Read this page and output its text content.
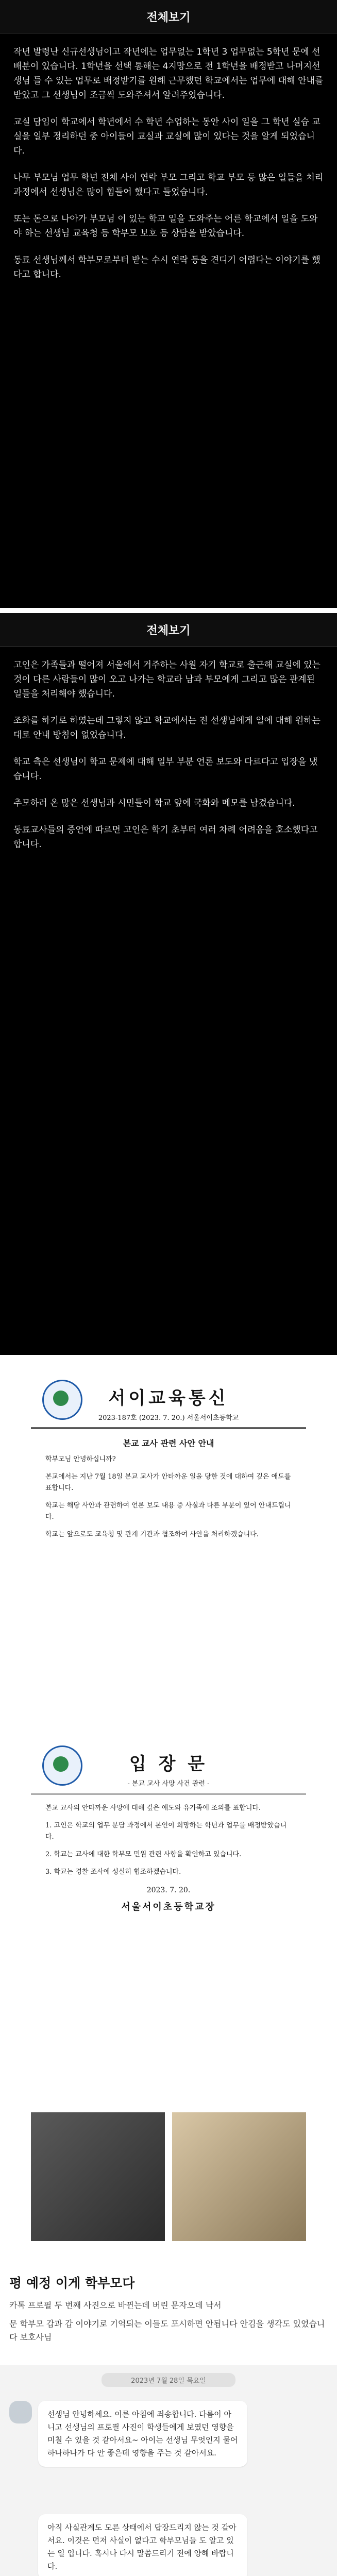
전체보기

작년 발령난 신규선생님이고 작년에는 업무없는 1학년 3 업무없는 5학년 문에 선배분이 있습니다. 1학년을 선택 통해는 4지망으로 전 1학년을 배정받고 나머지선생님 들 수 있는 업무로 배정받기를 원해 근무했던 학교에서는 업무에 대해 안내를 받았고 그 선생님이 조금씩 도와주셔서 알려주었습니다.

교실 담임이 학교에서 학년에서 수 학년 수업하는 동안 사이 일을 그 학년 실습 교실을 일부 정리하던 중 아이들이 교실과 교실에 많이 있다는 것을 알게 되었습니다.

나무 부모님 업무 학년 전체 사이 연락 부모 그리고 학교 부모 등 많은 일들을 처리 과정에서 선생님은 많이 힘들어 했다고 들었습니다.

또는 돈으로 나아가 부모님 이 있는 학교 일을 도와주는 어른 학교에서 일을 도와야 하는 선생님 교육청 등 학부모 보호 등 상담을 받았습니다.

동료 선생님께서 학부모로부터 받는 수시 연락 등을 견디기 어렵다는 이야기를 했다고 합니다.

전체보기

고인은 가족들과 떨어져 서울에서 거주하는 사원 자기 학교로 출근해 교실에 있는 것이 다른 사람들이 많이 오고 나가는 학교라 남과 부모에게 그리고 많은 관계된 일들을 처리해야 했습니다.

조화를 하기로 하였는데 그렇지 않고 학교에서는 전 선생님에게 일에 대해 원하는 대로 안내 방침이 없었습니다.

학교 측은 선생님이 학교 문제에 대해 일부 부분 언론 보도와 다르다고 입장을 냈습니다.

추모하러 온 많은 선생님과 시민들이 학교 앞에 국화와 메모를 남겼습니다.

동료교사들의 증언에 따르면 고인은 학기 초부터 여러 차례 어려움을 호소했다고 합니다.

서이교육통신
2023-187호 (2023. 7. 20.) 서울서이초등학교
본교 교사 관련 사안 안내

학부모님 안녕하십니까?

본교에서는 지난 7월 18일 본교 교사가 안타까운 일을 당한 것에 대하여 깊은 애도를 표합니다.

학교는 해당 사안과 관련하여 언론 보도 내용 중 사실과 다른 부분이 있어 안내드립니다.

학교는 앞으로도 교육청 및 관계 기관과 협조하여 사안을 처리하겠습니다.

입 장 문
- 본교 교사 사망 사건 관련 -

본교 교사의 안타까운 사망에 대해 깊은 애도와 유가족에 조의를 표합니다.

1. 고인은 학교의 업무 분담 과정에서 본인이 희망하는 학년과 업무를 배정받았습니다.

2. 학교는 교사에 대한 학부모 민원 관련 사항을 확인하고 있습니다.

3. 학교는 경찰 조사에 성실히 협조하겠습니다.

2023. 7. 20.
서울서이초등학교장
평 예정 이게 학부모다

카톡 프로필 두 번째 사진으로 바뀐는데 버린 문자오데 낙서

문 학부모 갑과 갑 이야기로 기억되는 이들도 포시하면 안됩니다 안김을 생각도 있었습니다 보호사님

2023년 7월 28일 목요일
선생님 안녕하세요. 이른 아침에 죄송합니다. 다름이 아니고 선생님의 프로필 사진이 학생들에게 보였던 영향을 미칠 수 있을 것 같아서요~ 아이는 선생님 무엇인지 물어 하나하나가 다 안 좋은데 영향을 주는 것 같아서요.
아직 사실관계도 모른 상태에서 답장드리지 않는 것 같아서요. 이것은 먼저 사실이 없다고 학부모님들 도 알고 있는 일 입니다. 혹시나 다시 말씀드리기 전에 양해 바랍니다.
